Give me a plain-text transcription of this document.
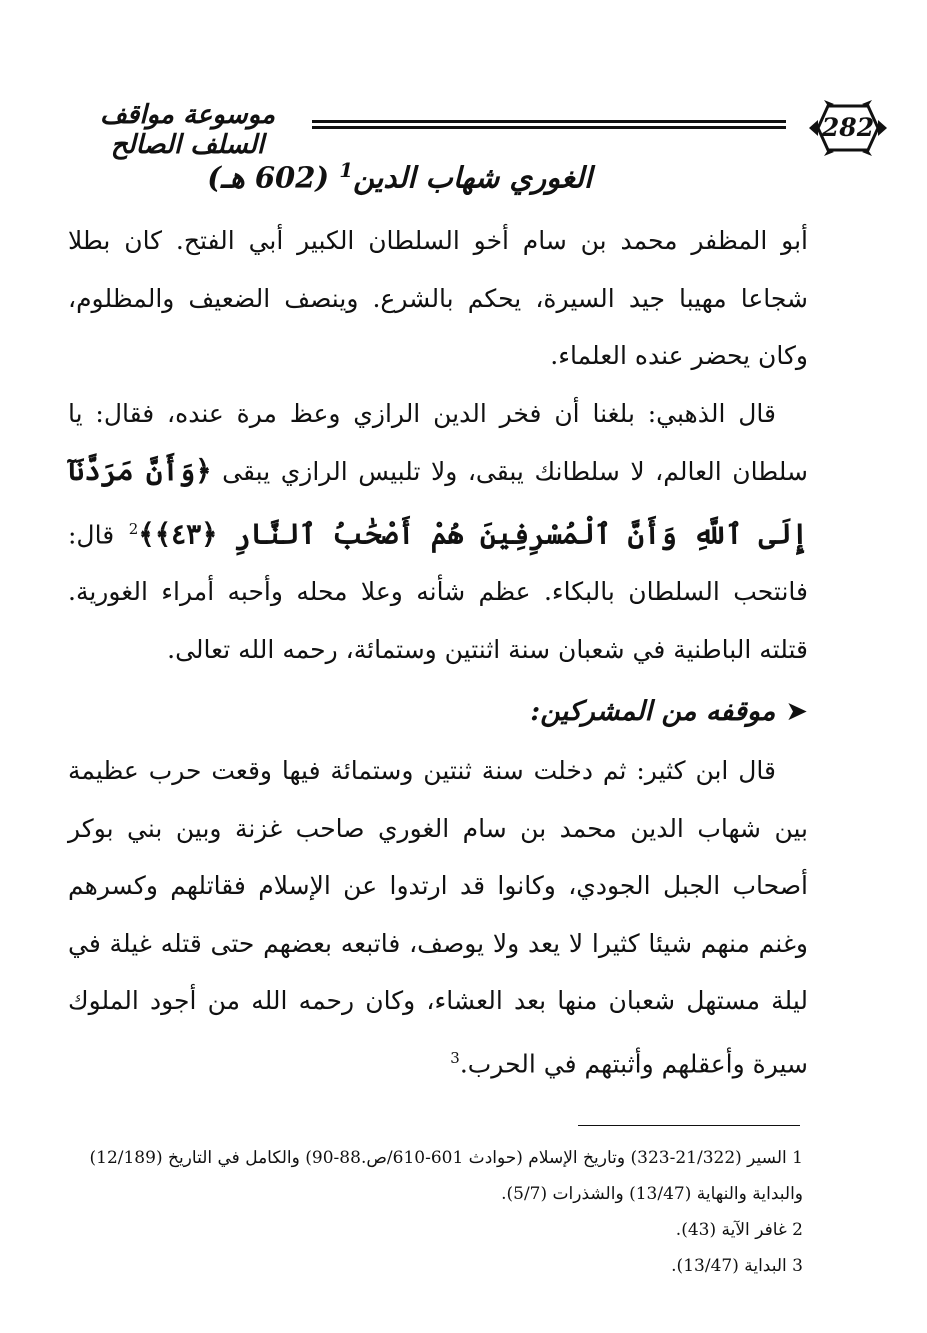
282
موسوعة مواقف السلف الصالح
الغوري شهاب الدين$^1$ (602 هـ)

أبو المظفر محمد بن سام أخو السلطان الكبير أبي الفتح. كان بطلا شجاعا مهيبا جيد السيرة، يحكم بالشرع. وينصف الضعيف والمظلوم، وكان يحضر عنده العلماء.

قال الذهبي: بلغنا أن فخر الدين الرازي وعظ مرة عنده، فقال: يا سلطان العالم، لا سلطانك يبقى، ولا تلبيس الرازي يبقى ﴿وَأَنَّ مَرَدَّنَآ إِلَى ٱللَّهِ وَأَنَّ ٱلْمُسْرِفِينَ هُمْ أَصْحَٰبُ ٱلنَّارِ ﴿٤٣﴾﴾$^2$ قال: فانتحب السلطان بالبكاء. عظم شأنه وعلا محله وأحبه أمراء الغورية. قتلته الباطنية في شعبان سنة اثنتين وستمائة، رحمه الله تعالى.

➤موقفه من المشركين:

قال ابن كثير: ثم دخلت سنة ثنتين وستمائة فيها وقعت حرب عظيمة بين شهاب الدين محمد بن سام الغوري صاحب غزنة وبين بني بوكر أصحاب الجبل الجودي، وكانوا قد ارتدوا عن الإسلام فقاتلهم وكسرهم وغنم منهم شيئا كثيرا لا يعد ولا يوصف، فاتبعه بعضهم حتى قتله غيلة في ليلة مستهل شعبان منها بعد العشاء، وكان رحمه الله من أجود الملوك سيرة وأعقلهم وأثبتهم في الحرب.$^3$

1 السير (21/322-323) وتاريخ الإسلام (حوادث 601-610/ص.88-90) والكامل في التاريخ (12/189) والبداية والنهاية (13/47) والشذرات (5/7).

2 غافر الآية (43).

3 البداية (13/47).
